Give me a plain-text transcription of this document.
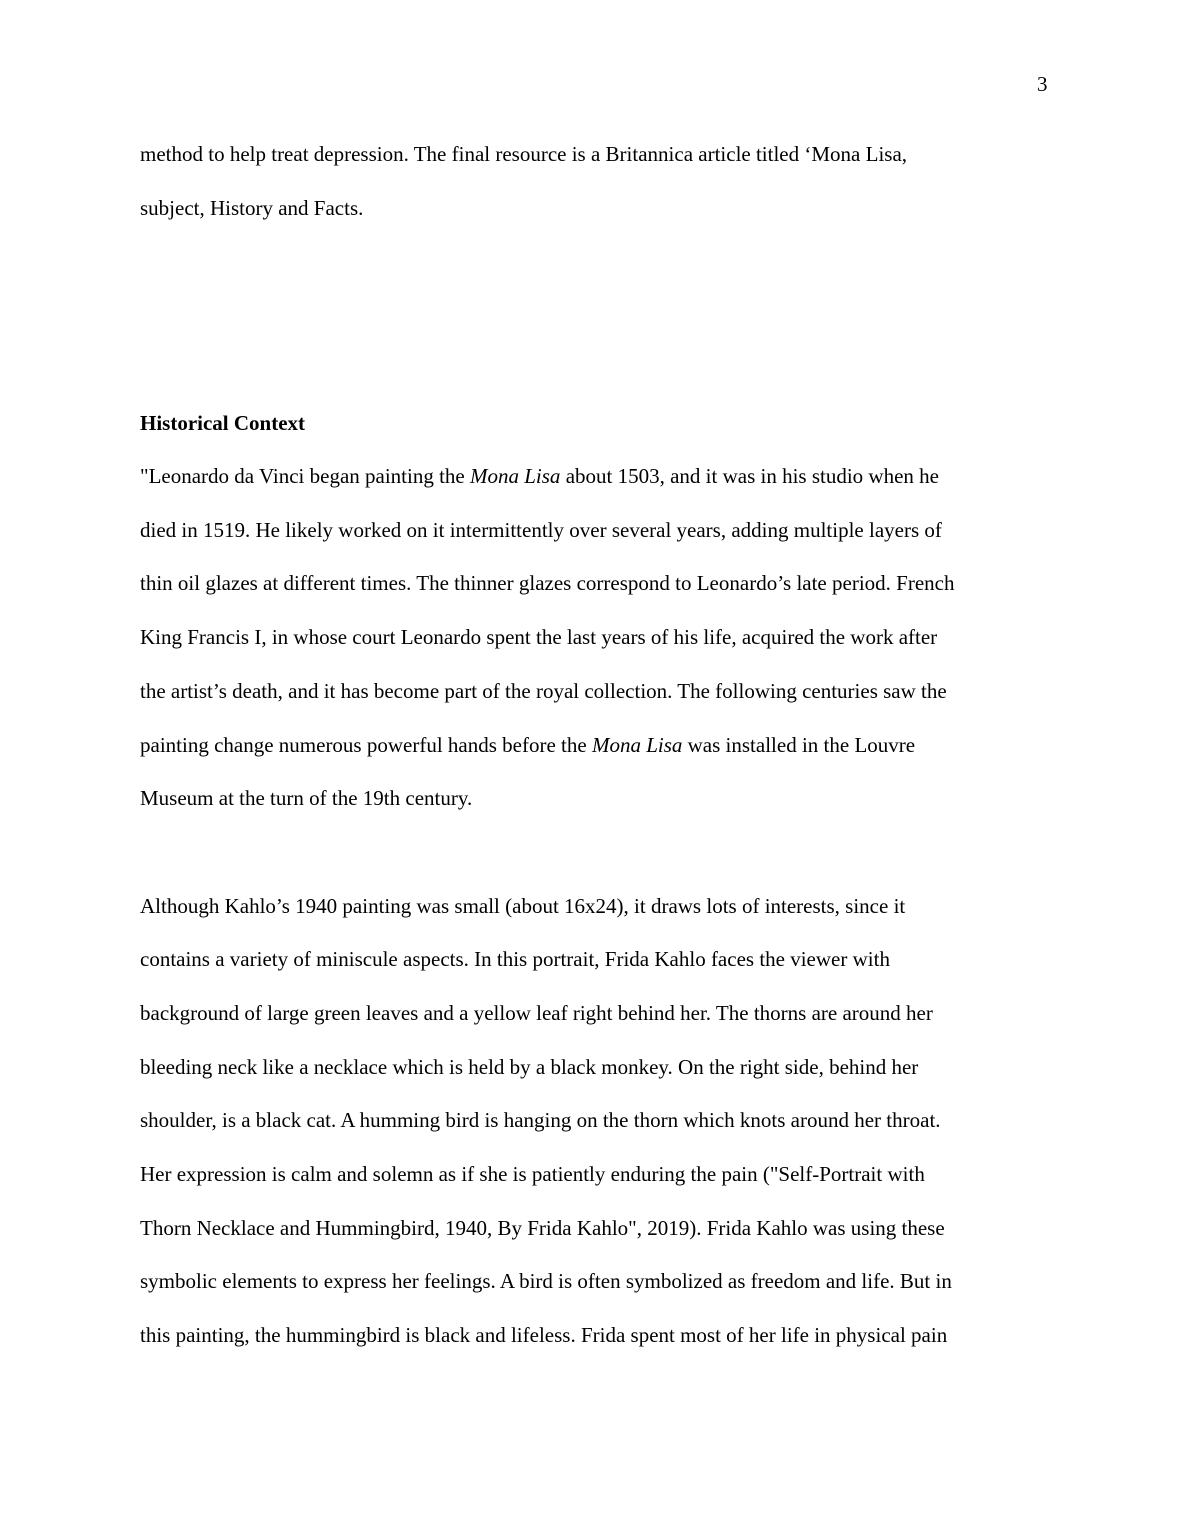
3
method to help treat depression. The final resource is a Britannica article titled ‘Mona Lisa,
subject, History and Facts.
Historical Context
"Leonardo da Vinci began painting the Mona Lisa about 1503, and it was in his studio when he
died in 1519. He likely worked on it intermittently over several years, adding multiple layers of
thin oil glazes at different times. The thinner glazes correspond to Leonardo’s late period. French
King Francis I, in whose court Leonardo spent the last years of his life, acquired the work after
the artist’s death, and it has become part of the royal collection. The following centuries saw the
painting change numerous powerful hands before the Mona Lisa was installed in the Louvre
Museum at the turn of the 19th century.
Although Kahlo’s 1940 painting was small (about 16x24), it draws lots of interests, since it
contains a variety of miniscule aspects. In this portrait, Frida Kahlo faces the viewer with
background of large green leaves and a yellow leaf right behind her. The thorns are around her
bleeding neck like a necklace which is held by a black monkey. On the right side, behind her
shoulder, is a black cat. A humming bird is hanging on the thorn which knots around her throat.
Her expression is calm and solemn as if she is patiently enduring the pain ("Self-Portrait with
Thorn Necklace and Hummingbird, 1940, By Frida Kahlo", 2019). Frida Kahlo was using these
symbolic elements to express her feelings. A bird is often symbolized as freedom and life. But in
this painting, the hummingbird is black and lifeless. Frida spent most of her life in physical pain
